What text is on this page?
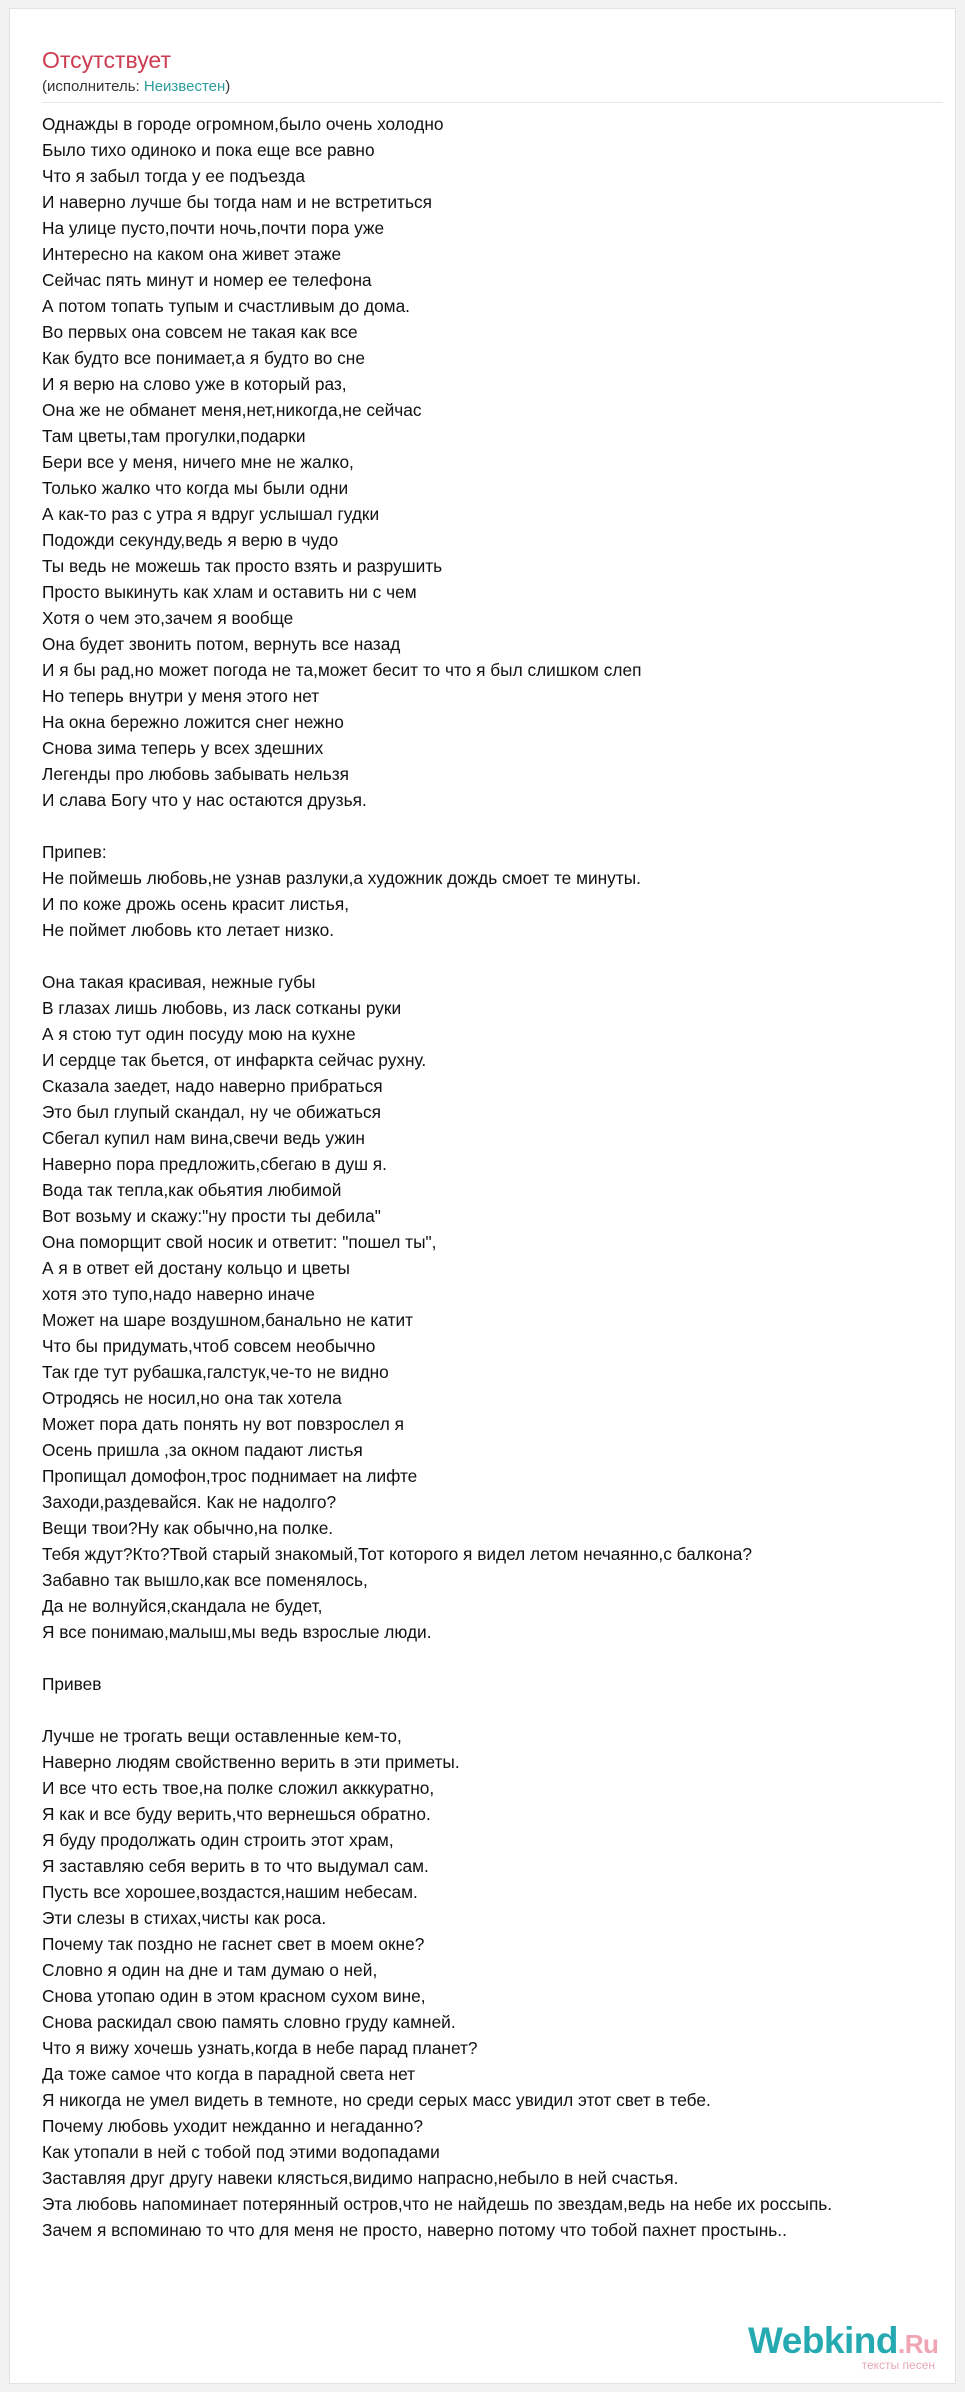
Отсутствует
(исполнитель: Неизвестен)
Однажды в городе огромном,было очень холодно
Было тихо одиноко и пока еще все равно
Что я забыл тогда у ее подъезда
И наверно лучше бы тогда нам и не встретиться
На улице пусто,почти ночь,почти пора уже
Интересно на каком она живет этаже
Сейчас пять минут и номер ее телефона
А потом топать тупым и счастливым до дома.
Во первых она совсем не такая как все
Как будто все понимает,а я будто во сне
И я верю на слово уже в который раз,
Она же не обманет меня,нет,никогда,не сейчас
Там цветы,там прогулки,подарки
Бери все у меня, ничего мне не жалко,
Только жалко что когда мы были одни
А как-то раз с утра я вдруг услышал гудки
Подожди секунду,ведь я верю в чудо
Ты ведь не можешь так просто взять и разрушить
Просто выкинуть как хлам и оставить ни с чем
Хотя о чем это,зачем я вообще
Она будет звонить потом, вернуть все назад
И я бы рад,но может погода не та,может бесит то что я был слишком слеп
Но теперь внутри у меня этого нет
На окна бережно ложится снег нежно
Снова зима теперь у всех здешних
Легенды про любовь забывать нельзя
И слава Богу что у нас остаются друзья.
Припев:
Не поймешь любовь,не узнав разлуки,а художник дождь смоет те минуты.
И по коже дрожь осень красит листья,
Не поймет любовь кто летает низко.
Она такая красивая, нежные губы
В глазах лишь любовь, из ласк сотканы руки
А я стою тут один посуду мою на кухне
И сердце так бьется, от инфаркта сейчас рухну.
Сказала заедет, надо наверно прибраться
Это был глупый скандал, ну че обижаться
Сбегал купил нам вина,свечи ведь ужин
Наверно пора предложить,сбегаю в душ я.
Вода так тепла,как обьятия любимой
Вот возьму и скажу:"ну прости ты дебила"
Она поморщит свой носик и ответит: "пошел ты",
А я в ответ ей достану кольцо и цветы
хотя это тупо,надо наверно иначе
Может на шаре воздушном,банально не катит
Что бы придумать,чтоб совсем необычно
Так где тут рубашка,галстук,че-то не видно
Отродясь не носил,но она так хотела
Может пора дать понять ну вот повзрослел я
Осень пришла ,за окном падают листья
Пропищал домофон,трос поднимает на лифте
Заходи,раздевайся. Как не надолго?
Вещи твои?Ну как обычно,на полке.
Тебя ждут?Кто?Твой старый знакомый,Тот которого я видел летом нечаянно,с балкона?
Забавно так вышло,как все поменялось,
Да не волнуйся,скандала не будет,
Я все понимаю,малыш,мы ведь взрослые люди.
Привев
Лучше не трогать вещи оставленные кем-то,
Наверно людям свойственно верить в эти приметы.
И все что есть твое,на полке сложил акккуратно,
Я как и все буду верить,что вернешься обратно.
Я буду продолжать один строить этот храм,
Я заставляю себя верить в то что выдумал сам.
Пусть все хорошее,воздастся,нашим небесам.
Эти слезы в стихах,чисты как роса.
Почему так поздно не гаснет свет в моем окне?
Словно я один на дне и там думаю о ней,
Снова утопаю один в этом красном сухом вине,
Снова раскидал свою память словно груду камней.
Что я вижу хочешь узнать,когда в небе парад планет?
Да тоже самое что когда в парадной света нет
Я никогда не умел видеть в темноте, но среди серых масс увидил этот свет в тебе.
Почему любовь уходит нежданно и негаданно?
Как утопали в ней с тобой под этими водопадами
Заставляя друг другу навеки клясться,видимо напрасно,небыло в ней счастья.
Эта любовь напоминает потерянный остров,что не найдешь по звездам,ведь на небе их россыпь.
Зачем я вспоминаю то что для меня не просто, наверно потому что тобой пахнет простынь..
Webkind.Ru
тексты песен
